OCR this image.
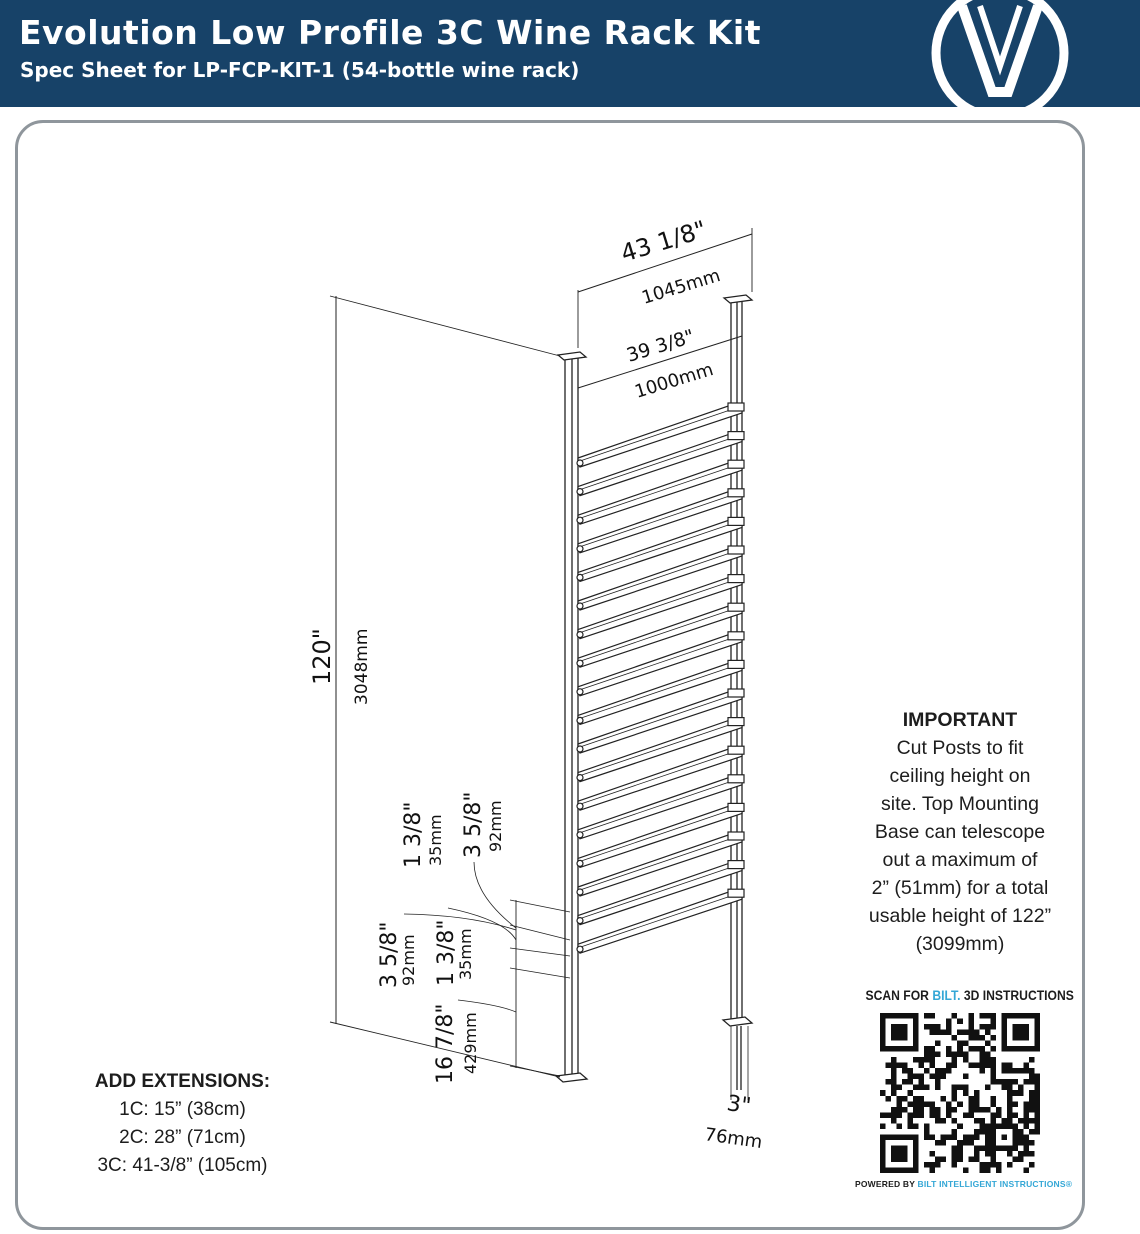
Evolution Low Profile 3C Wine Rack Kit
Spec Sheet for LP-FCP-KIT-1 (54-bottle wine rack)
43 1/8"
1045mm
39 3/8"
1000mm
120" 3048mm
1 3/8" 35mm 3 5/8" 92mm
3 5/8"
92mm 1 3/8"
35mm
16 7/8" 429mm
3"
76mm
IMPORTANT
Cut Posts to fit
ceiling height on
site. Top Mounting
Base can telescope
out a maximum of
2” (51mm) for a total
usable height of 122”
(3099mm)
SCAN FOR BILT. 3D INSTRUCTIONS
POWERED BY BILT INTELLIGENT INSTRUCTIONS®
ADD EXTENSIONS:
1C: 15” (38cm)
2C: 28” (71cm)
3C: 41-3/8” (105cm)
